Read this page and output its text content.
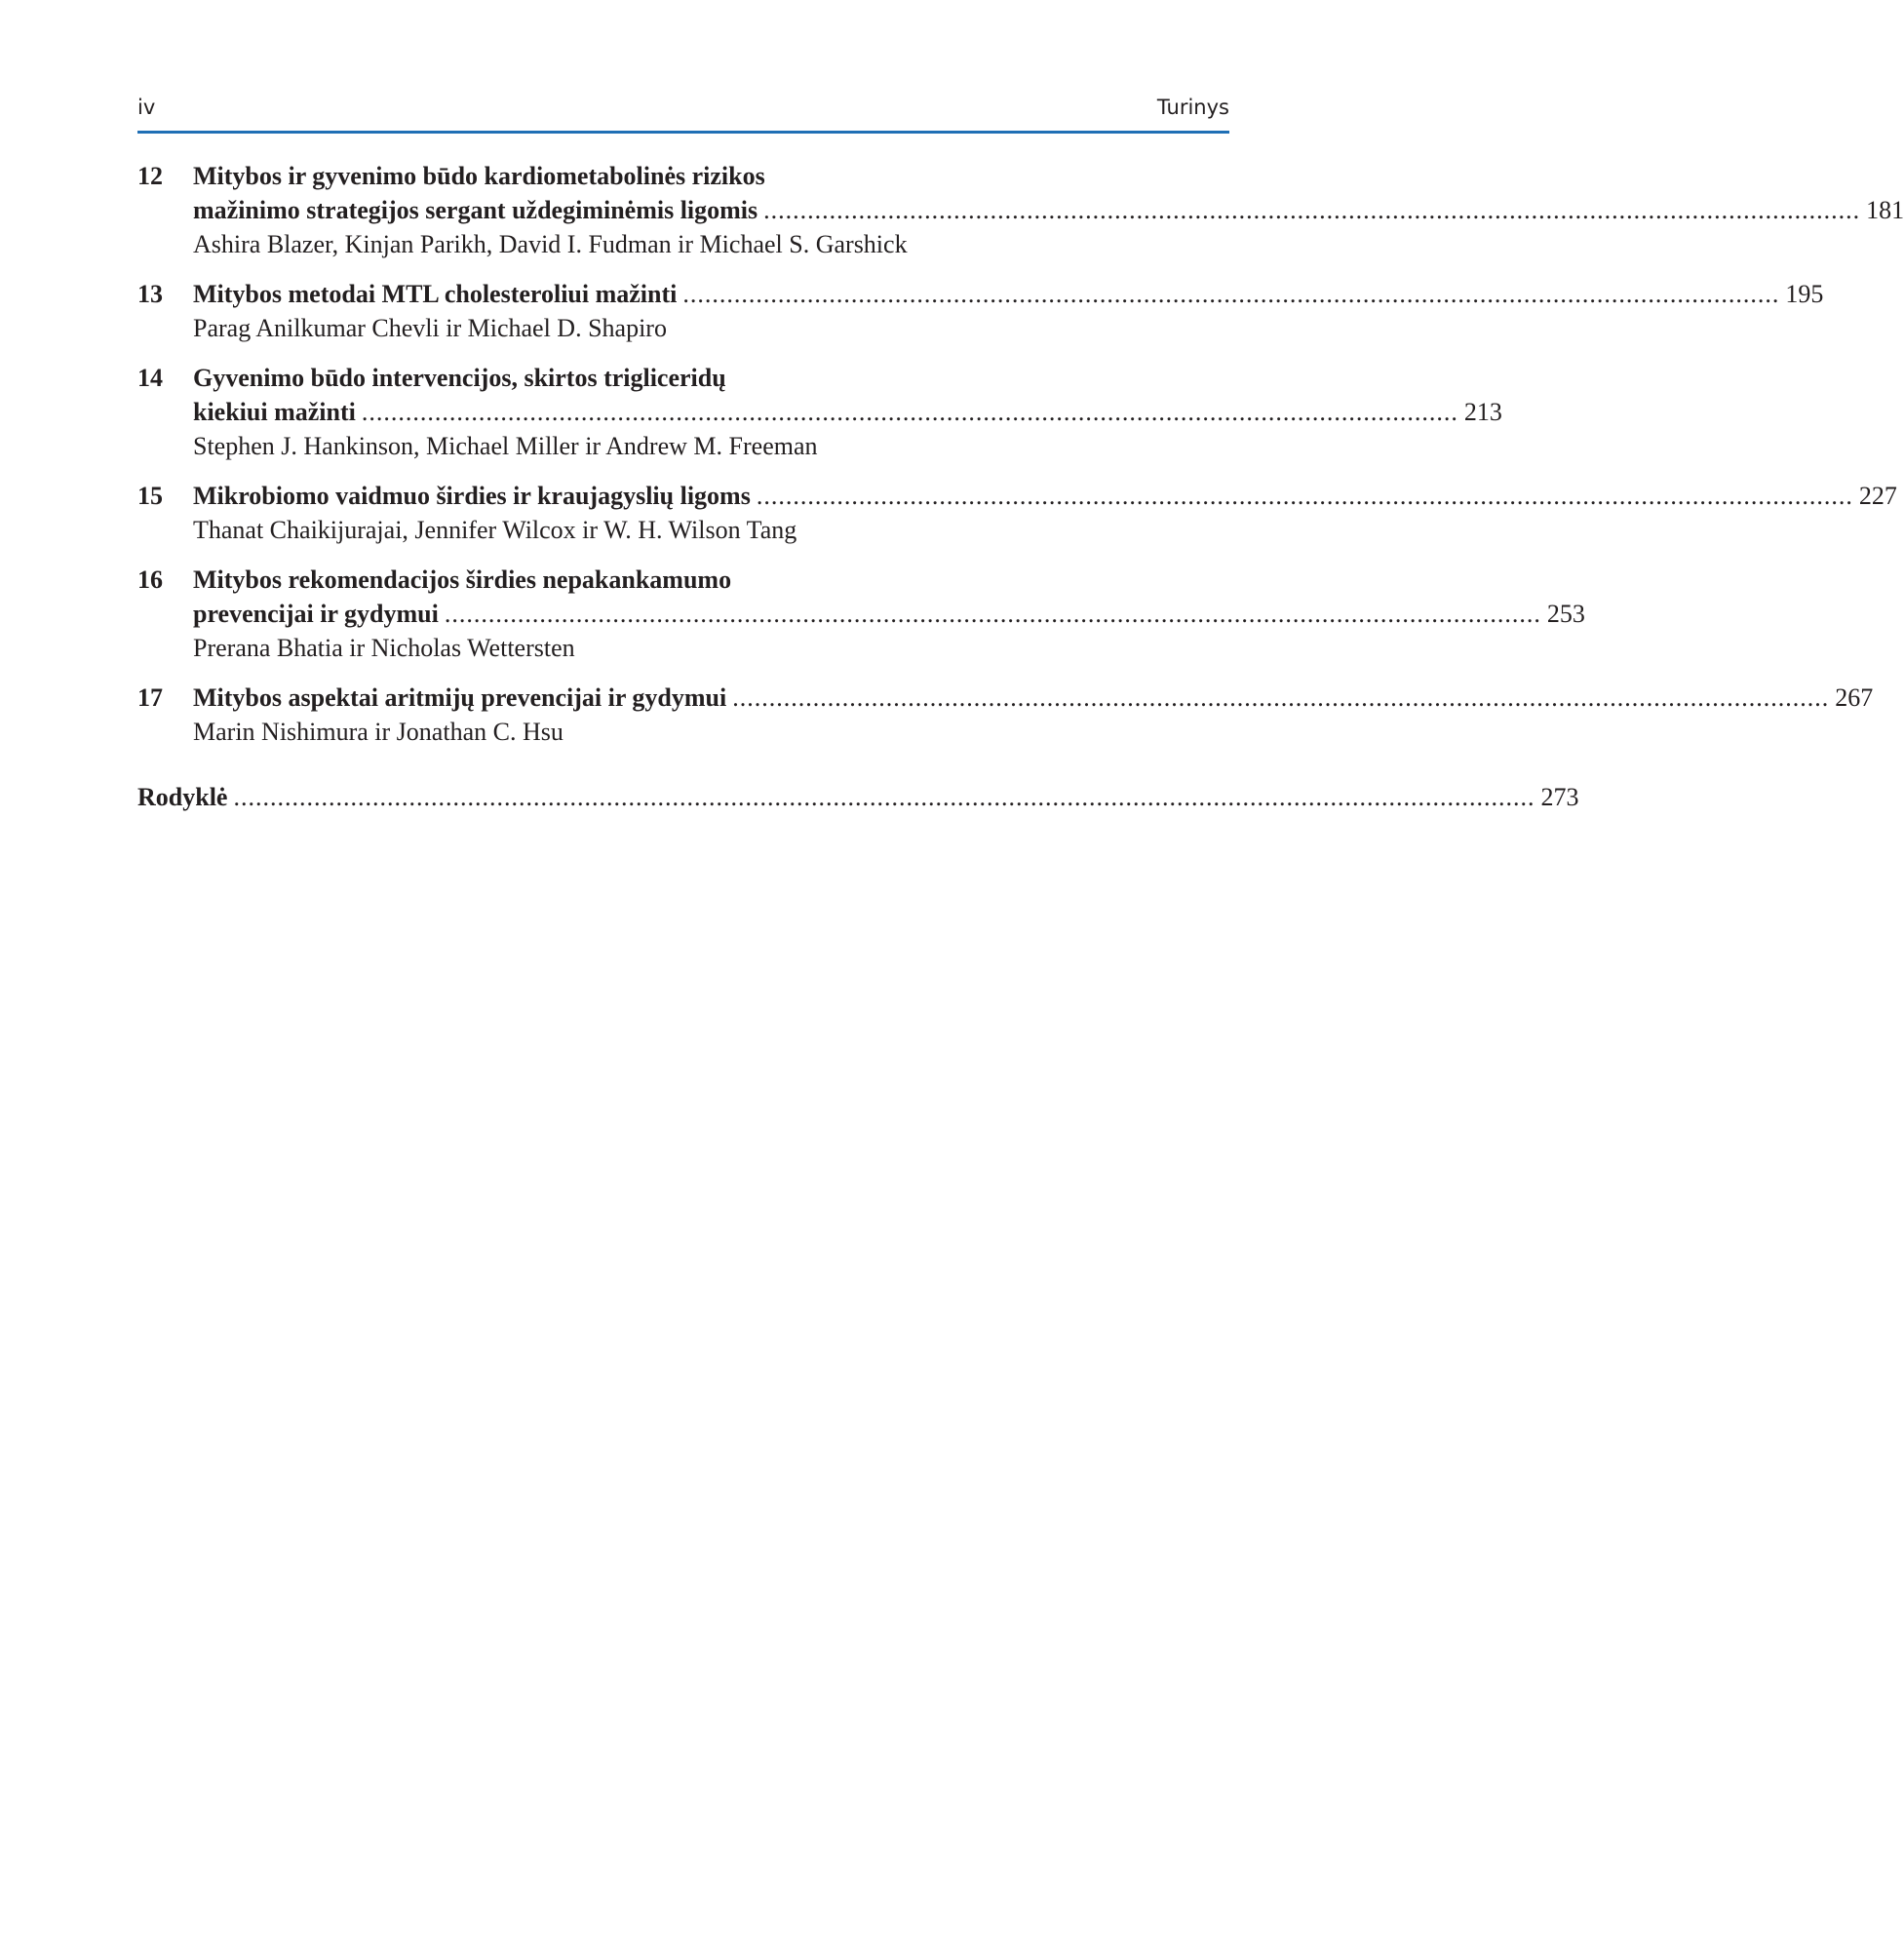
iv	Turinys
12	Mitybos ir gyvenimo būdo kardiometabolinės rizikos
mažinimo strategijos sergant uždegiminėmis ligomis ...................................................................................................................................................... 181
Ashira Blazer, Kinjan Parikh, David I. Fudman ir Michael S. Garshick
13	Mitybos metodai MTL cholesteroliui mažinti ...................................................................................................................................................... 195
Parag Anilkumar Chevli ir Michael D. Shapiro
14	Gyvenimo būdo intervencijos, skirtos trigliceridų
kiekiui mažinti ...................................................................................................................................................... 213
Stephen J. Hankinson, Michael Miller ir Andrew M. Freeman
15	Mikrobiomo vaidmuo širdies ir kraujagyslių ligoms ...................................................................................................................................................... 227
Thanat Chaikijurajai, Jennifer Wilcox ir W. H. Wilson Tang
16	Mitybos rekomendacijos širdies nepakankamumo
prevencijai ir gydymui ...................................................................................................................................................... 253
Prerana Bhatia ir Nicholas Wettersten
17	Mitybos aspektai aritmijų prevencijai ir gydymui ...................................................................................................................................................... 267
Marin Nishimura ir Jonathan C. Hsu
Rodyklė .................................................................................................................................................................................. 273
